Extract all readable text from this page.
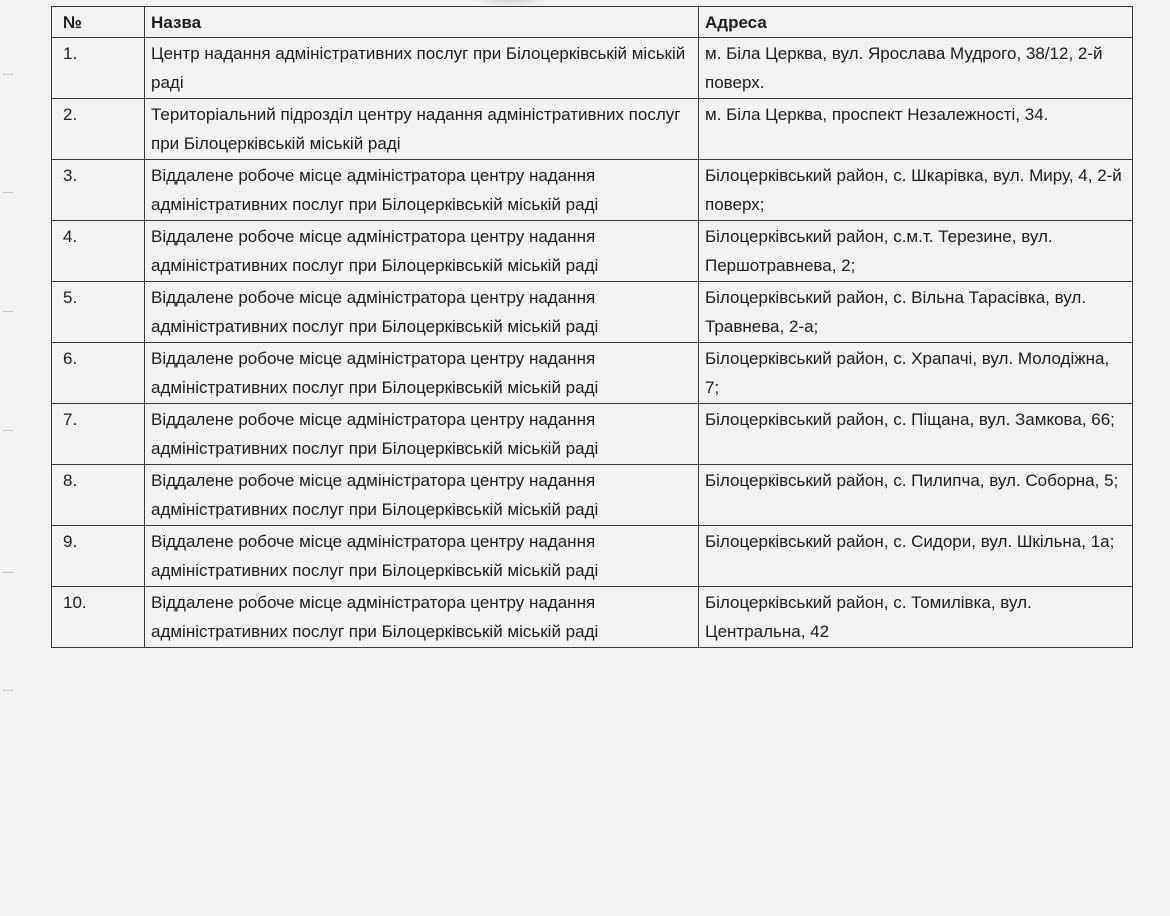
№	Назва	Адреса
1.	Центр надання адміністративних послуг при Білоцерківській міській раді	м. Біла Церква, вул. Ярослава Мудрого, 38/12, 2-й поверх.
2.	Територіальний підрозділ центру надання адміністративних послуг при Білоцерківській міській раді	м. Біла Церква, проспект Незалежності, 34.
3.	Віддалене робоче місце адміністратора центру надання адміністративних послуг при Білоцерківській міській раді	Білоцерківський район, с. Шкарівка, вул. Миру, 4, 2-й поверх;
4.	Віддалене робоче місце адміністратора центру надання адміністративних послуг при Білоцерківській міській раді	Білоцерківський район, с.м.т. Терезине, вул. Першотравнева, 2;
5.	Віддалене робоче місце адміністратора центру надання адміністративних послуг при Білоцерківській міській раді	Білоцерківський район, с. Вільна Тарасівка, вул. Травнева, 2-а;
6.	Віддалене робоче місце адміністратора центру надання адміністративних послуг при Білоцерківській міській раді	Білоцерківський район, с. Храпачі, вул. Молодіжна, 7;
7.	Віддалене робоче місце адміністратора центру надання адміністративних послуг при Білоцерківській міській раді	Білоцерківський район, с. Піщана, вул. Замкова, 66;
8.	Віддалене робоче місце адміністратора центру надання адміністративних послуг при Білоцерківській міській раді	Білоцерківський район, с. Пилипча, вул. Соборна, 5;
9.	Віддалене робоче місце адміністратора центру надання адміністративних послуг при Білоцерківській міській раді	Білоцерківський район, с. Сидори, вул. Шкільна, 1а;
10.	Віддалене робоче місце адміністратора центру надання адміністративних послуг при Білоцерківській міській раді	Білоцерківський район, с. Томилівка, вул. Центральна, 42
